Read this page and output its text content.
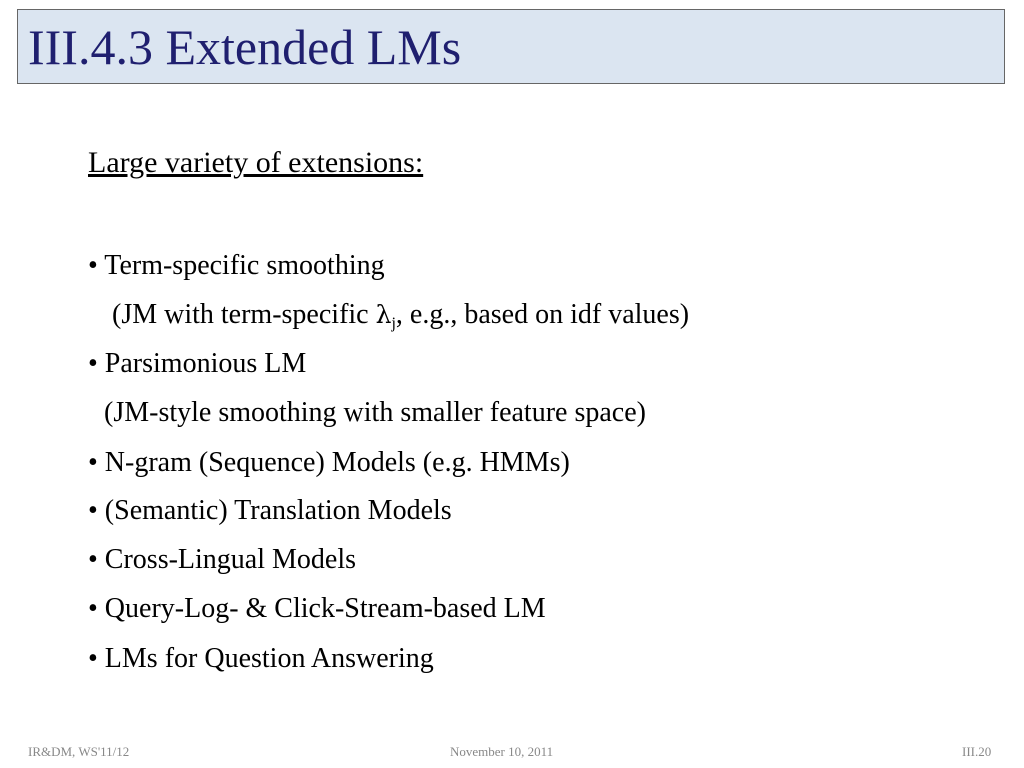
III.4.3 Extended LMs
Large variety of extensions:
• Term-specific smoothing
(JM with term-specific $\lambda_j$, e.g., based on idf values)
• Parsimonious LM
(JM-style smoothing with smaller feature space)
• N-gram (Sequence) Models (e.g. HMMs)
• (Semantic) Translation Models
• Cross-Lingual Models
• Query-Log- & Click-Stream-based LM
• LMs for Question Answering
IR&DM, WS'11/12	November 10, 2011	III.20
